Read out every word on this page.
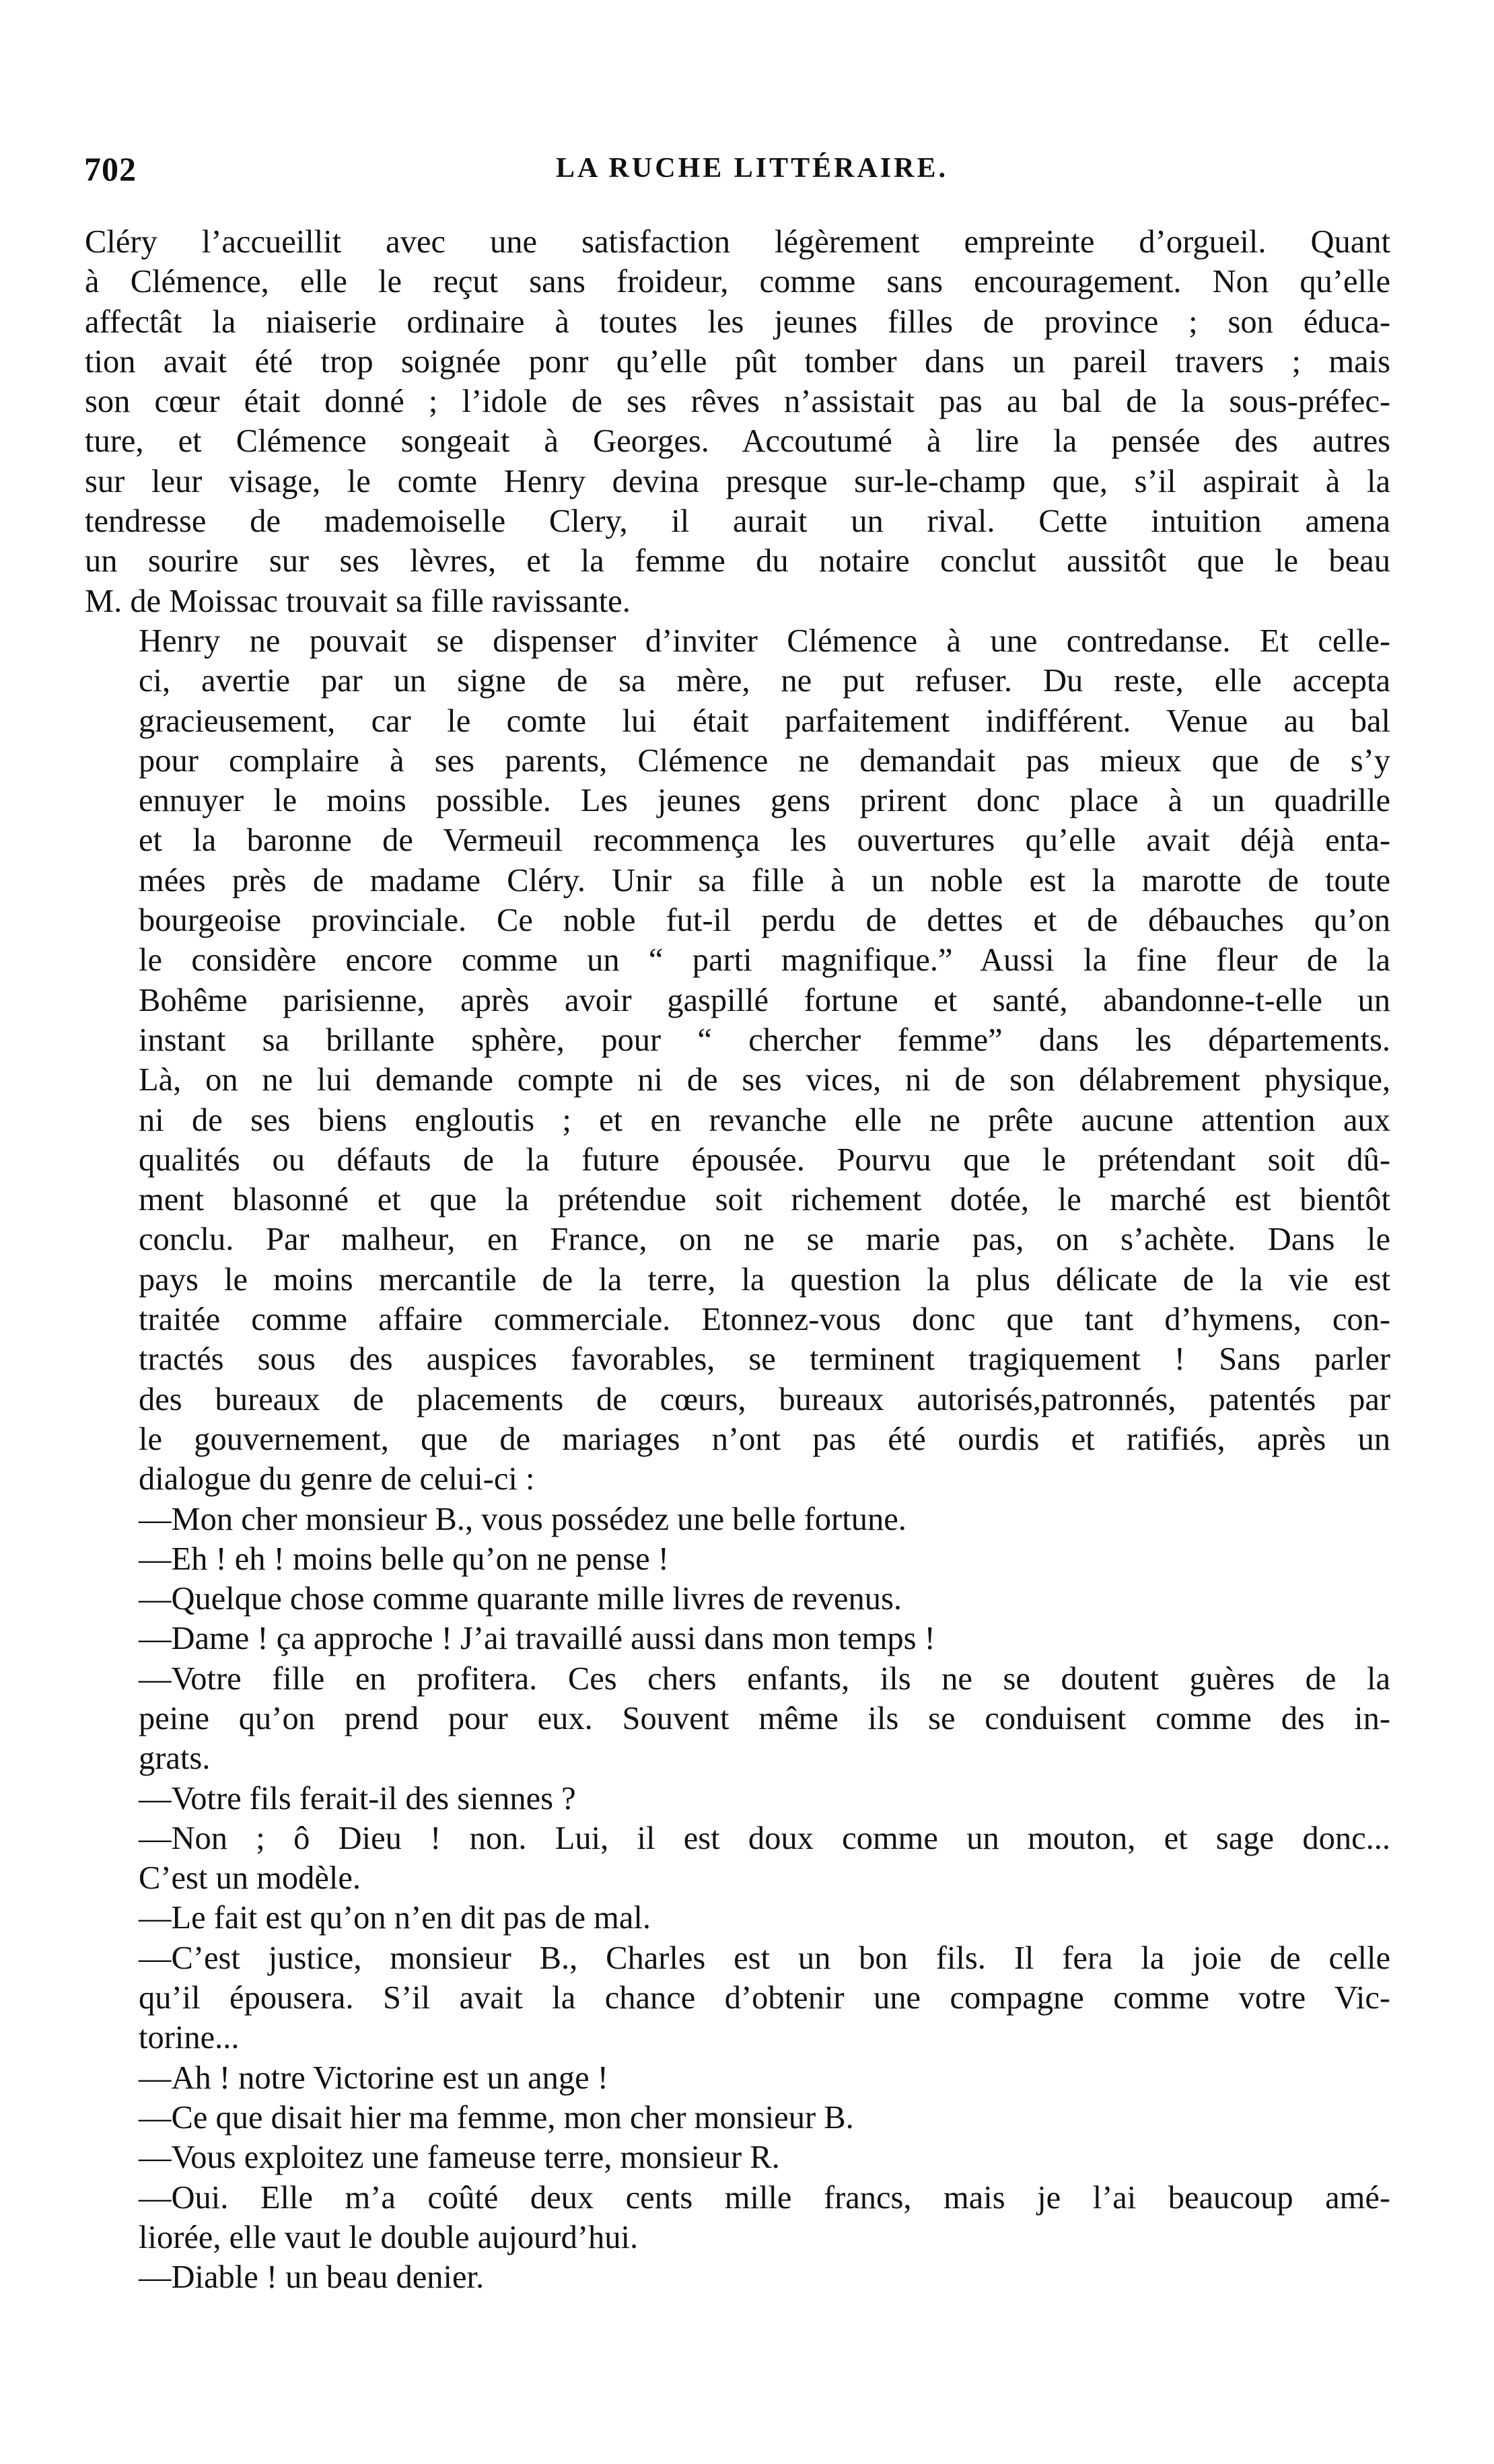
702	LA RUCHE LITTÉRAIRE.

Cléry l’accueillit avec une satisfaction légèrement empreinte d’orgueil. Quant
à Clémence, elle le reçut sans froideur, comme sans encouragement. Non qu’elle
affectât la niaiserie ordinaire à toutes les jeunes filles de province ; son éduca-
tion avait été trop soignée ponr qu’elle pût tomber dans un pareil travers ; mais
son cœur était donné ; l’idole de ses rêves n’assistait pas au bal de la sous-préfec-
ture, et Clémence songeait à Georges. Accoutumé à lire la pensée des autres
sur leur visage, le comte Henry devina presque sur-le-champ que, s’il aspirait à la
tendresse de mademoiselle Clery, il aurait un rival. Cette intuition amena
un sourire sur ses lèvres, et la femme du notaire conclut aussitôt que le beau
M. de Moissac trouvait sa fille ravissante.

Henry ne pouvait se dispenser d’inviter Clémence à une contredanse. Et celle-
ci, avertie par un signe de sa mère, ne put refuser. Du reste, elle accepta
gracieusement, car le comte lui était parfaitement indifférent. Venue au bal
pour complaire à ses parents, Clémence ne demandait pas mieux que de s’y
ennuyer le moins possible. Les jeunes gens prirent donc place à un quadrille
et la baronne de Vermeuil recommença les ouvertures qu’elle avait déjà enta-
mées près de madame Cléry. Unir sa fille à un noble est la marotte de toute
bourgeoise provinciale. Ce noble fut-il perdu de dettes et de débauches qu’on
le considère encore comme un “ parti magnifique.” Aussi la fine fleur de la
Bohême parisienne, après avoir gaspillé fortune et santé, abandonne-t-elle un
instant sa brillante sphère, pour “ chercher femme” dans les départements.
Là, on ne lui demande compte ni de ses vices, ni de son délabrement physique,
ni de ses biens engloutis ; et en revanche elle ne prête aucune attention aux
qualités ou défauts de la future épousée. Pourvu que le prétendant soit dû-
ment blasonné et que la prétendue soit richement dotée, le marché est bientôt
conclu. Par malheur, en France, on ne se marie pas, on s’achète. Dans le
pays le moins mercantile de la terre, la question la plus délicate de la vie est
traitée comme affaire commerciale. Etonnez-vous donc que tant d’hymens, con-
tractés sous des auspices favorables, se terminent tragiquement ! Sans parler
des bureaux de placements de cœurs, bureaux autorisés,patronnés, patentés par
le gouvernement, que de mariages n’ont pas été ourdis et ratifiés, après un
dialogue du genre de celui-ci :

—Mon cher monsieur B., vous possédez une belle fortune.

—Eh ! eh ! moins belle qu’on ne pense !

—Quelque chose comme quarante mille livres de revenus.

—Dame ! ça approche ! J’ai travaillé aussi dans mon temps !

—Votre fille en profitera. Ces chers enfants, ils ne se doutent guères de la
peine qu’on prend pour eux. Souvent même ils se conduisent comme des in-
grats.

—Votre fils ferait-il des siennes ?

—Non ; ô Dieu ! non. Lui, il est doux comme un mouton, et sage donc...
C’est un modèle.

—Le fait est qu’on n’en dit pas de mal.

—C’est justice, monsieur B., Charles est un bon fils. Il fera la joie de celle
qu’il épousera. S’il avait la chance d’obtenir une compagne comme votre Vic-
torine...

—Ah ! notre Victorine est un ange !

—Ce que disait hier ma femme, mon cher monsieur B.

—Vous exploitez une fameuse terre, monsieur R.

—Oui. Elle m’a coûté deux cents mille francs, mais je l’ai beaucoup amé-
liorée, elle vaut le double aujourd’hui.

—Diable ! un beau denier.
